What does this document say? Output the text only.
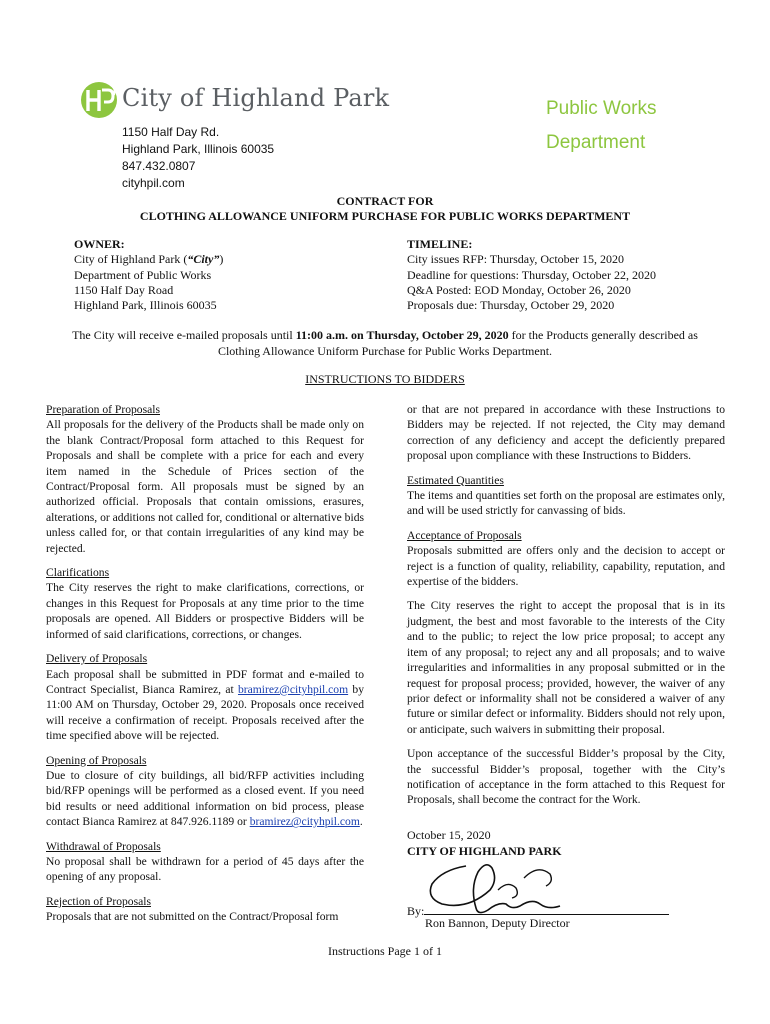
City of Highland Park	Public Works
Department
1150 Half Day Rd.
Highland Park, Illinois 60035
847.432.0807
cityhpil.com
CONTRACT FOR
CLOTHING ALLOWANCE UNIFORM PURCHASE FOR PUBLIC WORKS DEPARTMENT
OWNER:
City of Highland Park (“City”)
Department of Public Works
1150 Half Day Road
Highland Park, Illinois 60035
TIMELINE:
City issues RFP: Thursday, October 15, 2020
Deadline for questions: Thursday, October 22, 2020
Q&A Posted: EOD Monday, October 26, 2020
Proposals due: Thursday, October 29, 2020
The City will receive e-mailed proposals until 11:00 a.m. on Thursday, October 29, 2020 for the Products generally described as Clothing Allowance Uniform Purchase for Public Works Department.
INSTRUCTIONS TO BIDDERS
Preparation of Proposals
All proposals for the delivery of the Products shall be made only on the blank Contract/Proposal form attached to this Request for Proposals and shall be complete with a price for each and every item named in the Schedule of Prices section of the Contract/Proposal form. All proposals must be signed by an authorized official. Proposals that contain omissions, erasures, alterations, or additions not called for, conditional or alternative bids unless called for, or that contain irregularities of any kind may be rejected.
Clarifications
The City reserves the right to make clarifications, corrections, or changes in this Request for Proposals at any time prior to the time proposals are opened. All Bidders or prospective Bidders will be informed of said clarifications, corrections, or changes.
Delivery of Proposals
Each proposal shall be submitted in PDF format and e-mailed to Contract Specialist, Bianca Ramirez, at bramirez@cityhpil.com by 11:00 AM on Thursday, October 29, 2020. Proposals once received will receive a confirmation of receipt. Proposals received after the time specified above will be rejected.
Opening of Proposals
Due to closure of city buildings, all bid/RFP activities including bid/RFP openings will be performed as a closed event. If you need bid results or need additional information on bid process, please contact Bianca Ramirez at 847.926.1189 or bramirez@cityhpil.com.
Withdrawal of Proposals
No proposal shall be withdrawn for a period of 45 days after the opening of any proposal.
Rejection of Proposals
Proposals that are not submitted on the Contract/Proposal form
or that are not prepared in accordance with these Instructions to Bidders may be rejected. If not rejected, the City may demand correction of any deficiency and accept the deficiently prepared proposal upon compliance with these Instructions to Bidders.
Estimated Quantities
The items and quantities set forth on the proposal are estimates only, and will be used strictly for canvassing of bids.
Acceptance of Proposals
Proposals submitted are offers only and the decision to accept or reject is a function of quality, reliability, capability, reputation, and expertise of the bidders.
The City reserves the right to accept the proposal that is in its judgment, the best and most favorable to the interests of the City and to the public; to reject the low price proposal; to accept any item of any proposal; to reject any and all proposals; and to waive irregularities and informalities in any proposal submitted or in the request for proposal process; provided, however, the waiver of any prior defect or informality shall not be considered a waiver of any future or similar defect or informality. Bidders should not rely upon, or anticipate, such waivers in submitting their proposal.
Upon acceptance of the successful Bidder’s proposal by the City, the successful Bidder’s proposal, together with the City’s notification of acceptance in the form attached to this Request for Proposals, shall become the contract for the Work.
October 15, 2020
CITY OF HIGHLAND PARK
By:
Ron Bannon, Deputy Director
Instructions Page 1 of 1
